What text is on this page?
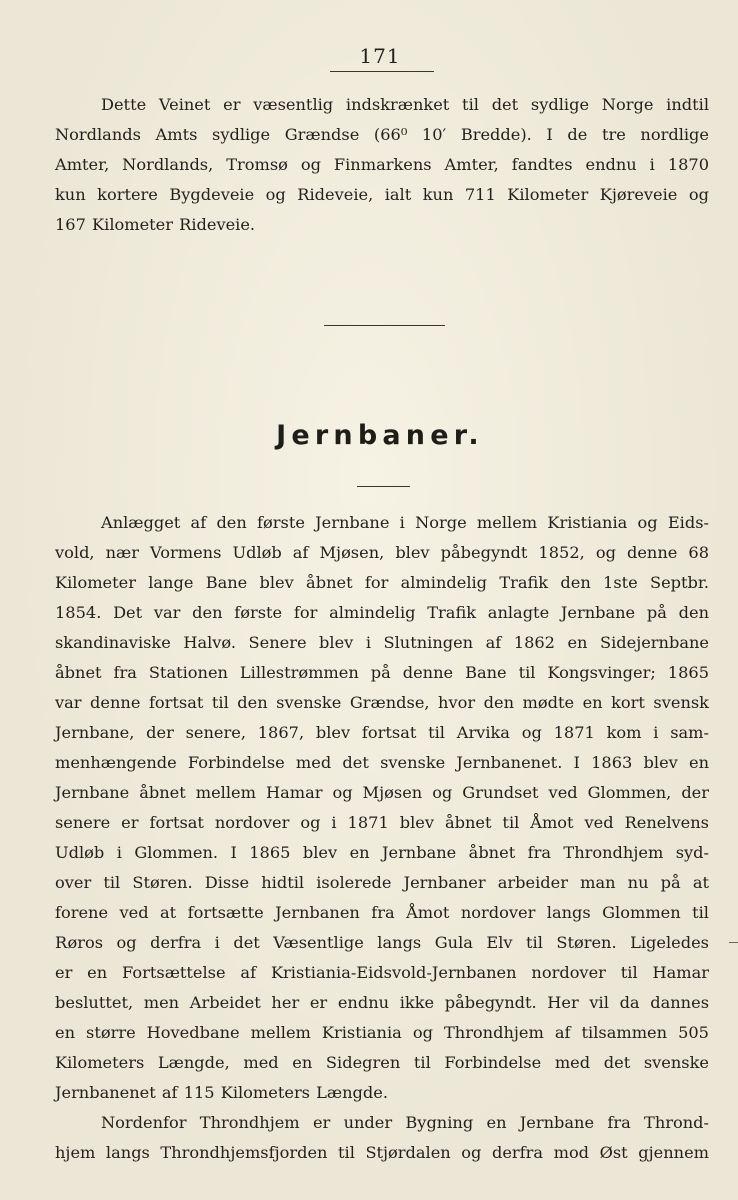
171
Dette Veinet er væsentlig indskrænket til det sydlige Norge indtil
Nordlands Amts sydlige Grændse (66⁰ 10′ Bredde). I de tre nordlige
Amter, Nordlands, Tromsø og Finmarkens Amter, fandtes endnu i 1870
kun kortere Bygdeveie og Rideveie, ialt kun 711 Kilometer Kjøreveie og
167 Kilometer Rideveie.
Jernbaner.
Anlægget af den første Jernbane i Norge mellem Kristiania og Eids-
vold, nær Vormens Udløb af Mjøsen, blev påbegyndt 1852, og denne 68
Kilometer lange Bane blev åbnet for almindelig Trafik den 1ste Septbr.
1854. Det var den første for almindelig Trafik anlagte Jernbane på den
skandinaviske Halvø. Senere blev i Slutningen af 1862 en Sidejernbane
åbnet fra Stationen Lillestrømmen på denne Bane til Kongsvinger; 1865
var denne fortsat til den svenske Grændse, hvor den mødte en kort svensk
Jernbane, der senere, 1867, blev fortsat til Arvika og 1871 kom i sam-
menhængende Forbindelse med det svenske Jernbanenet. I 1863 blev en
Jernbane åbnet mellem Hamar og Mjøsen og Grundset ved Glommen, der
senere er fortsat nordover og i 1871 blev åbnet til Åmot ved Renelvens
Udløb i Glommen. I 1865 blev en Jernbane åbnet fra Throndhjem syd-
over til Støren. Disse hidtil isolerede Jernbaner arbeider man nu på at
forene ved at fortsætte Jernbanen fra Åmot nordover langs Glommen til
Røros og derfra i det Væsentlige langs Gula Elv til Støren. Ligeledes
er en Fortsættelse af Kristiania-Eidsvold-Jernbanen nordover til Hamar
besluttet, men Arbeidet her er endnu ikke påbegyndt. Her vil da dannes
en større Hovedbane mellem Kristiania og Throndhjem af tilsammen 505
Kilometers Længde, med en Sidegren til Forbindelse med det svenske
Jernbanenet af 115 Kilometers Længde.
Nordenfor Throndhjem er under Bygning en Jernbane fra Thrond-
hjem langs Throndhjemsfjorden til Stjørdalen og derfra mod Øst gjennem
